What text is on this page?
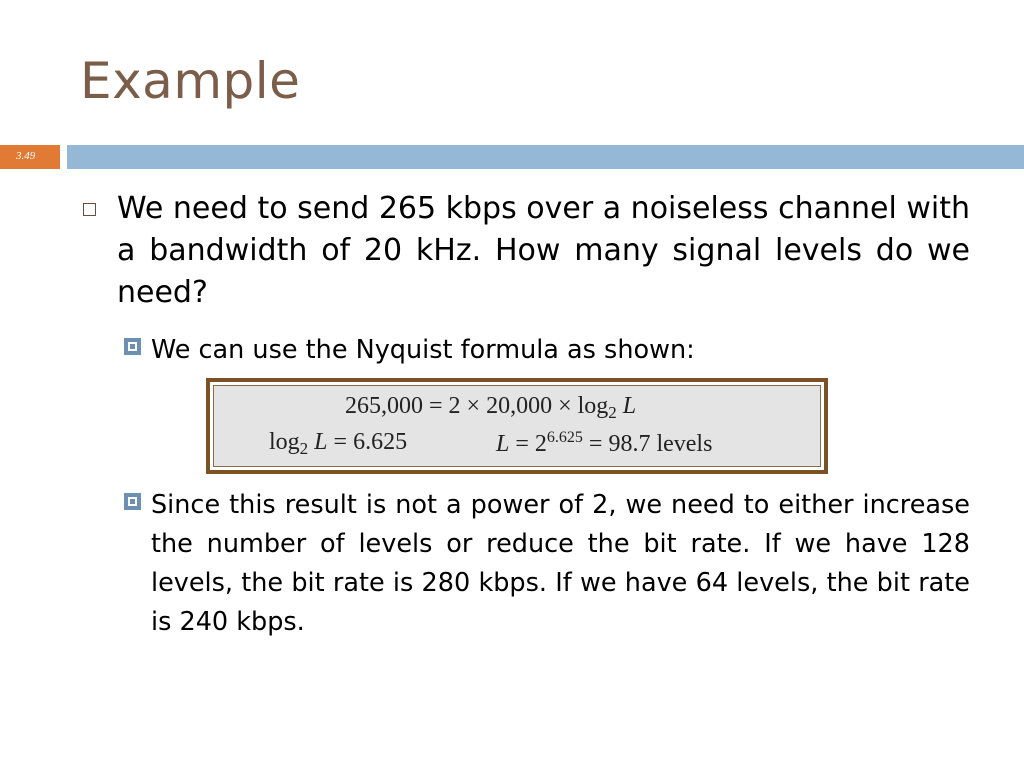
Example
3.49
We need to send 265 kbps over a noiseless channel with a bandwidth of 20 kHz. How many signal levels do we need?
We can use the Nyquist formula as shown:
$265,000 = 2 \times 20,000 \times \log_2 L$
$\log_2 L = 6.625$	$L = 2^{6.625} = 98.7$ levels
Since this result is not a power of 2, we need to either increase the number of levels or reduce the bit rate. If we have 128 levels, the bit rate is 280 kbps. If we have 64 levels, the bit rate is 240 kbps.
